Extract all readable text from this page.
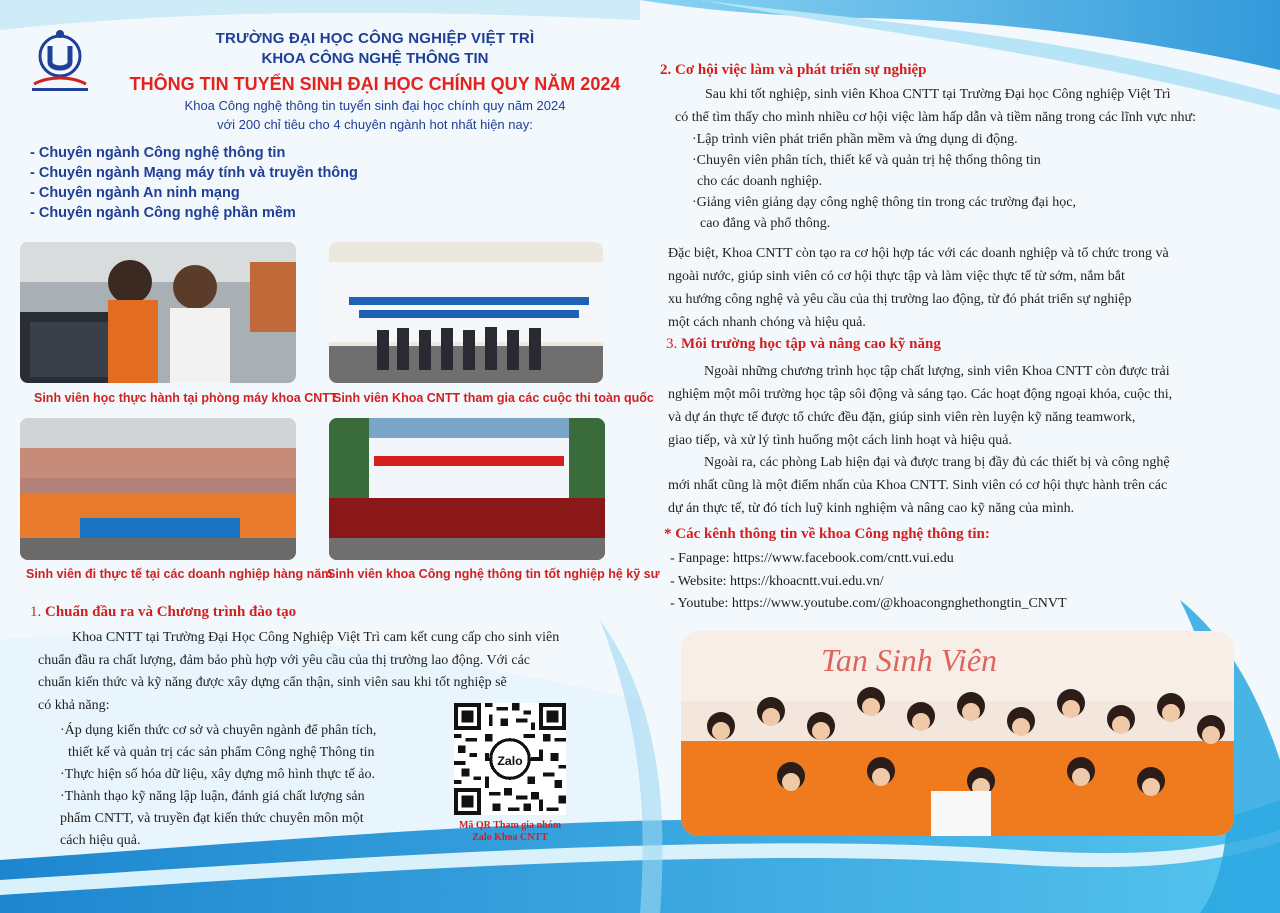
TRƯỜNG ĐẠI HỌC CÔNG NGHIỆP VIỆT TRÌ
KHOA CÔNG NGHỆ THÔNG TIN
THÔNG TIN TUYỂN SINH ĐẠI HỌC CHÍNH QUY NĂM 2024
Khoa Công nghệ thông tin tuyển sinh đại học chính quy năm 2024
với 200 chỉ tiêu cho 4 chuyên ngành hot nhất hiện nay:
- Chuyên ngành Công nghệ thông tin
- Chuyên ngành Mạng máy tính và truyền thông
- Chuyên ngành An ninh mạng
- Chuyên ngành Công nghệ phần mềm
Sinh viên học thực hành tại phòng máy khoa CNTT
Sinh viên Khoa CNTT tham gia các cuộc thi toàn quốc
Sinh viên đi thực tế tại các doanh nghiệp hàng năm
Sinh viên khoa Công nghệ thông tin tốt nghiệp hệ kỹ sư
1. Chuẩn đầu ra và Chương trình đào tạo
Khoa CNTT tại Trường Đại Học Công Nghiệp Việt Trì cam kết cung cấp cho sinh viên
chuẩn đầu ra chất lượng, đảm bảo phù hợp với yêu cầu của thị trường lao động. Với các
chuẩn kiến thức và kỹ năng được xây dựng cẩn thận, sinh viên sau khi tốt nghiệp sẽ
có khả năng:
·Áp dụng kiến thức cơ sở và chuyên ngành để phân tích,
thiết kế và quản trị các sản phẩm Công nghệ Thông tin
·Thực hiện số hóa dữ liệu, xây dựng mô hình thực tế ảo.
·Thành thạo kỹ năng lập luận, đánh giá chất lượng sản
phẩm CNTT, và truyền đạt kiến thức chuyên môn một
cách hiệu quả.
Zalo
Mã QR Tham gia nhóm
Zalo Khoa CNTT
2. Cơ hội việc làm và phát triển sự nghiệp
Sau khi tốt nghiệp, sinh viên Khoa CNTT tại Trường Đại học Công nghiệp Việt Trì
có thể tìm thấy cho mình nhiều cơ hội việc làm hấp dẫn và tiềm năng trong các lĩnh vực như:
·Lập trình viên phát triển phần mềm và ứng dụng di động.
·Chuyên viên phân tích, thiết kế và quản trị hệ thống thông tin
cho các doanh nghiệp.
·Giảng viên giảng dạy công nghệ thông tin trong các trường đại học,
cao đẳng và phổ thông.
Đặc biệt, Khoa CNTT còn tạo ra cơ hội hợp tác với các doanh nghiệp và tổ chức trong và
ngoài nước, giúp sinh viên có cơ hội thực tập và làm việc thực tế từ sớm, nắm bắt
xu hướng công nghệ và yêu cầu của thị trường lao động, từ đó phát triển sự nghiệp
một cách nhanh chóng và hiệu quả.
3. Môi trường học tập và nâng cao kỹ năng
Ngoài những chương trình học tập chất lượng, sinh viên Khoa CNTT còn được trải
nghiệm một môi trường học tập sôi động và sáng tạo. Các hoạt động ngoại khóa, cuộc thi,
và dự án thực tế được tổ chức đều đặn, giúp sinh viên rèn luyện kỹ năng teamwork,
giao tiếp, và xử lý tình huống một cách linh hoạt và hiệu quả.
Ngoài ra, các phòng Lab hiện đại và được trang bị đầy đủ các thiết bị và công nghệ
mới nhất cũng là một điểm nhấn của Khoa CNTT. Sinh viên có cơ hội thực hành trên các
dự án thực tế, từ đó tích luỹ kinh nghiệm và nâng cao kỹ năng của mình.
* Các kênh thông tin về khoa Công nghệ thông tin:
- Fanpage: https://www.facebook.com/cntt.vui.edu
- Website: https://khoacntt.vui.edu.vn/
- Youtube: https://www.youtube.com/@khoacongnghethongtin_CNVT
Tan Sinh Viên
